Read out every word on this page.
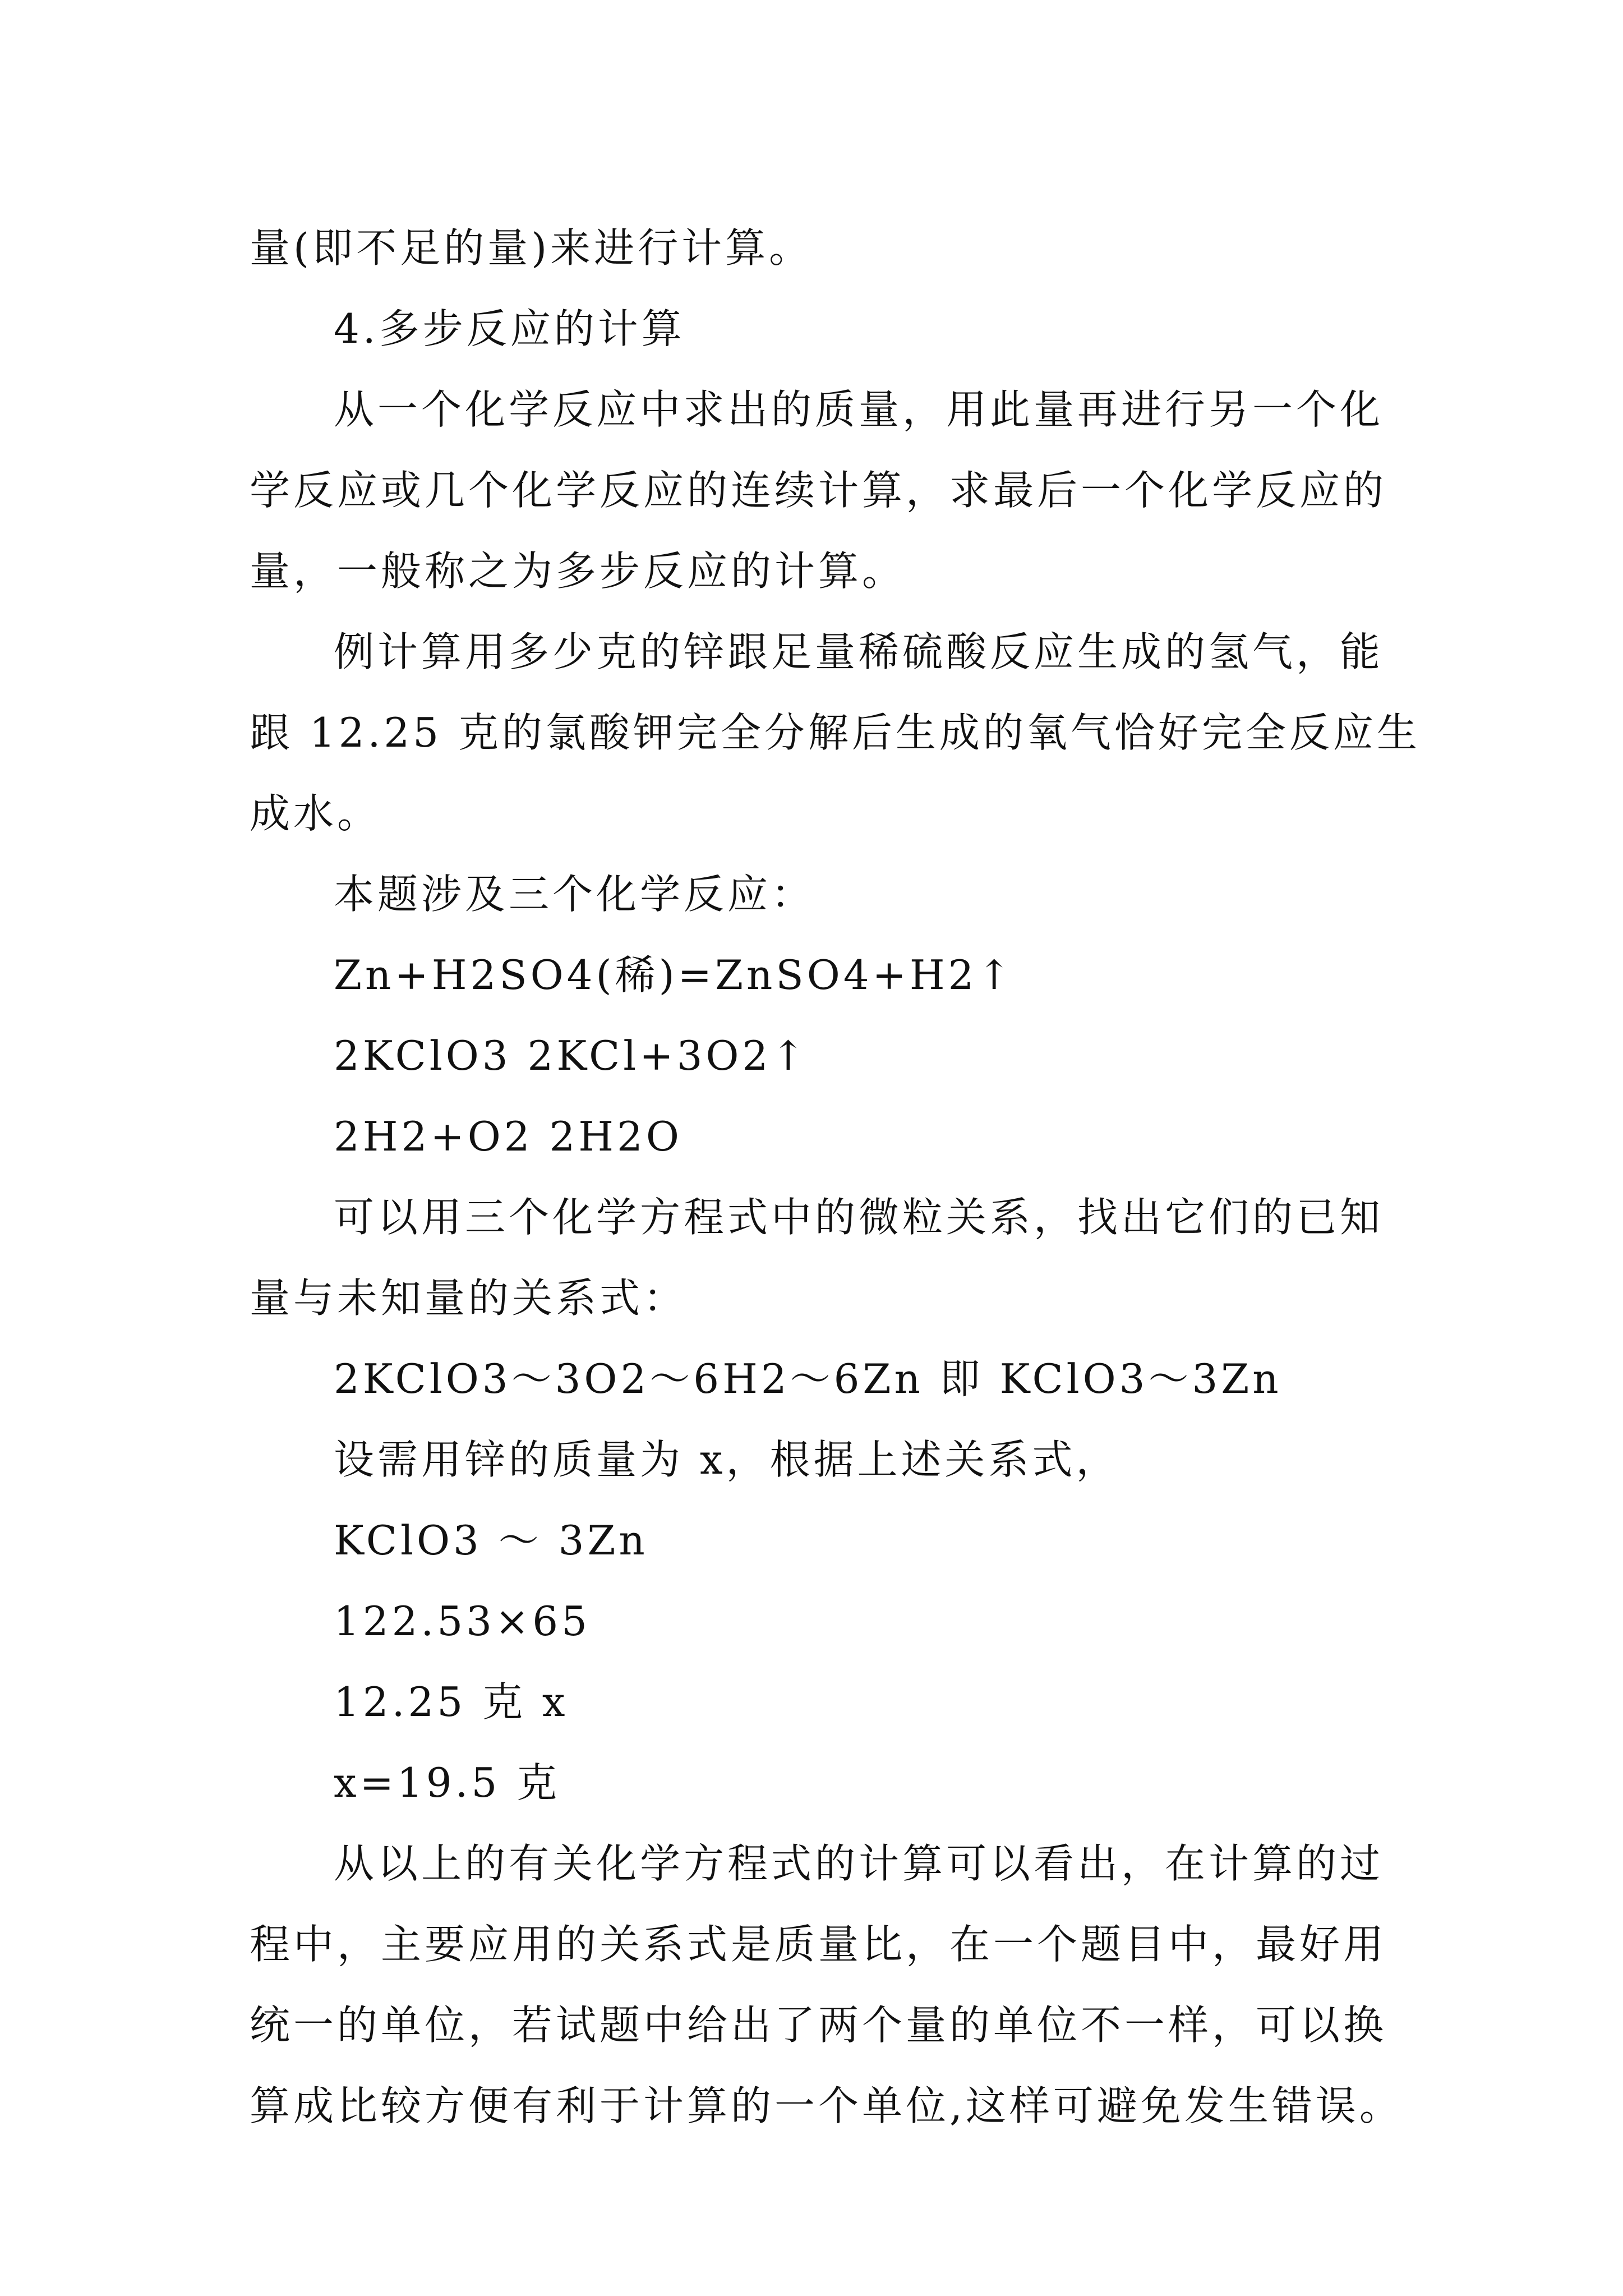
量(即不足的量)来进行计算。
4.多步反应的计算
从一个化学反应中求出的质量，用此量再进行另一个化
学反应或几个化学反应的连续计算，求最后一个化学反应的
量，一般称之为多步反应的计算。
例计算用多少克的锌跟足量稀硫酸反应生成的氢气，能
跟 12.25 克的氯酸钾完全分解后生成的氧气恰好完全反应生
成水。
本题涉及三个化学反应：
Zn+H2SO4(稀)=ZnSO4+H2↑
2KClO3 2KCl+3O2↑
2H2+O2 2H2O
可以用三个化学方程式中的微粒关系，找出它们的已知
量与未知量的关系式：
2KClO3～3O2～6H2～6Zn 即 KClO3～3Zn
设需用锌的质量为 x，根据上述关系式，
KClO3 ～ 3Zn
122.53×65
12.25 克 x
x=19.5 克
从以上的有关化学方程式的计算可以看出，在计算的过
程中，主要应用的关系式是质量比，在一个题目中，最好用
统一的单位，若试题中给出了两个量的单位不一样，可以换
算成比较方便有利于计算的一个单位,这样可避免发生错误。
